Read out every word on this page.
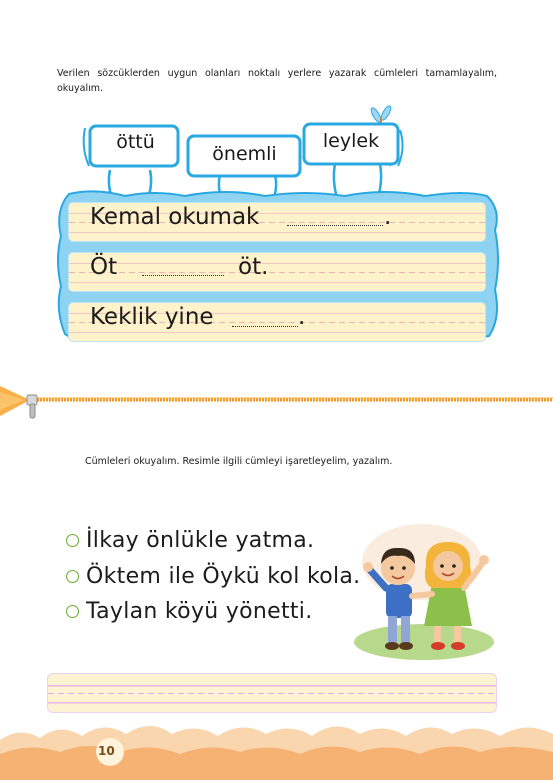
Verilen sözcüklerden uygun olanları noktalı yerlere yazarak cümleleri tamamlayalım, okuyalım.
öttü
önemli
leylek
Kemal okumak	.
Öt	öt.
Keklik yine	.
Cümleleri okuyalım. Resimle ilgili cümleyi işaretleyelim, yazalım.
İlkay önlükle yatma.
Öktem ile Öykü kol kola.
Taylan köyü yönetti.
10
